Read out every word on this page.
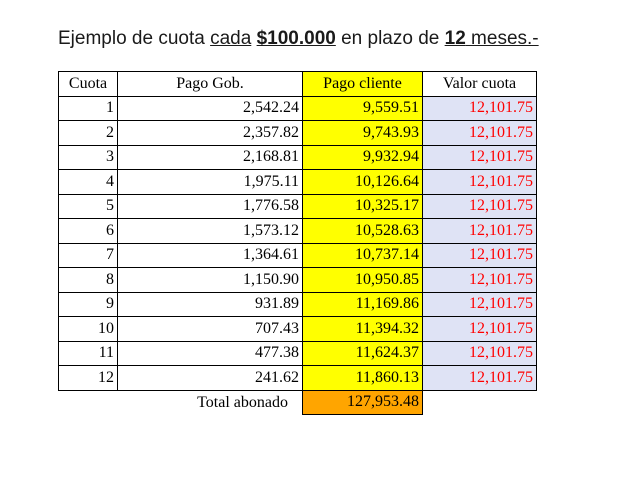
Ejemplo de cuota cada $100.000 en plazo de 12 meses.-
Cuota	Pago Gob.	Pago cliente	Valor cuota
1	2,542.24	9,559.51	12,101.75
2	2,357.82	9,743.93	12,101.75
3	2,168.81	9,932.94	12,101.75
4	1,975.11	10,126.64	12,101.75
5	1,776.58	10,325.17	12,101.75
6	1,573.12	10,528.63	12,101.75
7	1,364.61	10,737.14	12,101.75
8	1,150.90	10,950.85	12,101.75
9	931.89	11,169.86	12,101.75
10	707.43	11,394.32	12,101.75
11	477.38	11,624.37	12,101.75
12	241.62	11,860.13	12,101.75
Total abonado		127,953.48	
